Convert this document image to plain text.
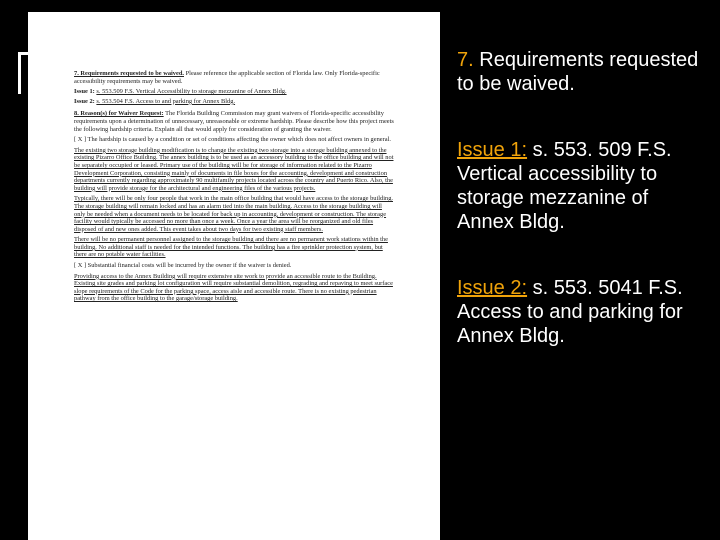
7. Requirements requested to be waived. Please reference the applicable section of Florida law. Only Florida-specific accessibility requirements may be waived.

Issue 1: s. 553.509 F.S. Vertical Accessibility to storage mezzanine of Annex Bldg.

Issue 2: s. 553.504 F.S. Access to and parking for Annex Bldg.

8. Reason(s) for Waiver Request: The Florida Building Commission may grant waivers of Florida-specific accessibility requirements upon a determination of unnecessary, unreasonable or extreme hardship. Please describe how this project meets the following hardship criteria. Explain all that would apply for consideration of granting the waiver.

[ X ] The hardship is caused by a condition or set of conditions affecting the owner which does not affect owners in general.

The existing two storage building modification is to change the existing two storage into a storage building annexed to the existing Pizarro Office Building. The annex building is to be used as an accessory building to the office building and will not be separately occupied or leased. Primary use of the building will be for storage of information related to the Pizarro Development Corporation, consisting mainly of documents in file boxes for the accounting, development and construction departments currently regarding approximately 90 multifamily projects located across the country and Puerto Rico. Also, the building will provide storage for the architectural and engineering files of the various projects.

Typically, there will be only four people that work in the main office building that would have access to the storage building. The storage building will remain locked and has an alarm tied into the main building. Access to the storage building will only be needed when a document needs to be located for back up in accounting, development or construction. The storage facility would typically be accessed no more than once a week. Once a year the area will be reorganized and old files disposed of and new ones added. This event takes about two days for two existing staff members.

There will be no permanent personnel assigned to the storage building and there are no permanent work stations within the building. No additional staff is needed for the intended functions. The building has a fire sprinkler protection system, but there are no potable water facilities.

[ X ] Substantial financial costs will be incurred by the owner if the waiver is denied.

Providing access to the Annex Building will require extensive site work to provide an accessible route to the Building. Existing site grades and parking lot configuration will require substantial demolition, regrading and repaving to meet surface slope requirements of the Code for the parking space, access aisle and accessible route. There is no existing pedestrian pathway from the office building to the garage/storage building.

7. Requirements requested to be waived.
Issue 1: s. 553. 509 F.S. Vertical accessibility to storage mezzanine of Annex Bldg.
Issue 2: s. 553. 5041 F.S. Access to and parking for Annex Bldg.
